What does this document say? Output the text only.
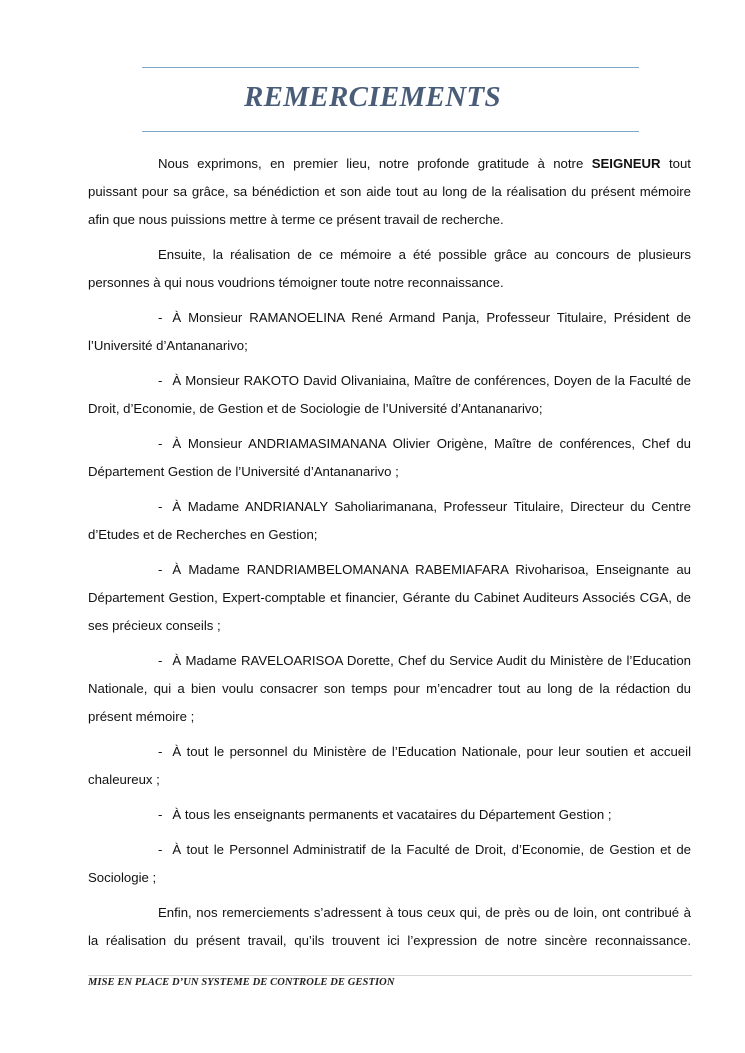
REMERCIEMENTS

Nous exprimons, en premier lieu, notre profonde gratitude à notre SEIGNEUR tout puissant pour sa grâce, sa bénédiction et son aide tout au long de la réalisation du présent mémoire afin que nous puissions mettre à terme ce présent travail de recherche.

Ensuite, la réalisation de ce mémoire a été possible grâce au concours de plusieurs personnes à qui nous voudrions témoigner toute notre reconnaissance.

- À Monsieur RAMANOELINA René Armand Panja, Professeur Titulaire, Président de l’Université d’Antananarivo;

- À Monsieur RAKOTO David Olivaniaina, Maître de conférences, Doyen de la Faculté de Droit, d’Economie, de Gestion et de Sociologie de l’Université d’Antananarivo;

- À Monsieur ANDRIAMASIMANANA Olivier Origène, Maître de conférences, Chef du Département Gestion de l’Université d’Antananarivo ;

- À Madame ANDRIANALY Saholiarimanana, Professeur Titulaire, Directeur du Centre d’Etudes et de Recherches en Gestion;

- À Madame RANDRIAMBELOMANANA RABEMIAFARA Rivoharisoa, Enseignante au Département Gestion, Expert-comptable et financier, Gérante du Cabinet Auditeurs Associés CGA, de ses précieux conseils ;

- À Madame RAVELOARISOA Dorette, Chef du Service Audit du Ministère de l’Education Nationale, qui a bien voulu consacrer son temps pour m’encadrer tout au long de la rédaction du présent mémoire ;

- À tout le personnel du Ministère de l’Education Nationale, pour leur soutien et accueil chaleureux ;

- À tous les enseignants permanents et vacataires du Département Gestion ;

- À tout le Personnel Administratif de la Faculté de Droit, d’Economie, de Gestion et de Sociologie ;

Enfin, nos remerciements s’adressent à tous ceux qui, de près ou de loin, ont contribué à la réalisation du présent travail, qu’ils trouvent ici l’expression de notre sincère reconnaissance.

MISE EN PLACE D’UN SYSTEME DE CONTROLE DE GESTION
